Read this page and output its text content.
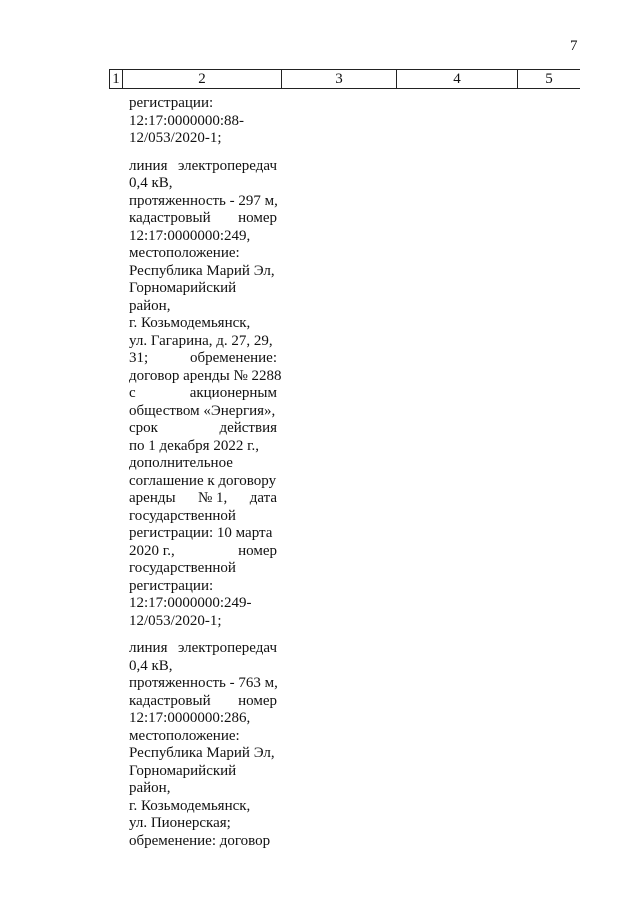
7
1	2	3	4	5
регистрации:
12:17:0000000:88-
12/053/2020-1;
линия электропередач
0,4 кВ,
протяженность - 297 м,
кадастровый номер
12:17:0000000:249,
местоположение:
Республика Марий Эл,
Горномарийский
район,
г. Козьмодемьянск,
ул. Гагарина, д. 27, 29,
31;	обременение:
договор аренды № 2288
с	акционерным
обществом «Энергия»,
срок	действия
по 1 декабря 2022 г.,
дополнительное
соглашение к договору
аренды № 1, дата
государственной
регистрации: 10 марта
2020 г.,	номер
государственной
регистрации:
12:17:0000000:249-
12/053/2020-1;
линия электропередач
0,4 кВ,
протяженность - 763 м,
кадастровый номер
12:17:0000000:286,
местоположение:
Республика Марий Эл,
Горномарийский
район,
г. Козьмодемьянск,
ул. Пионерская;
обременение: договор
